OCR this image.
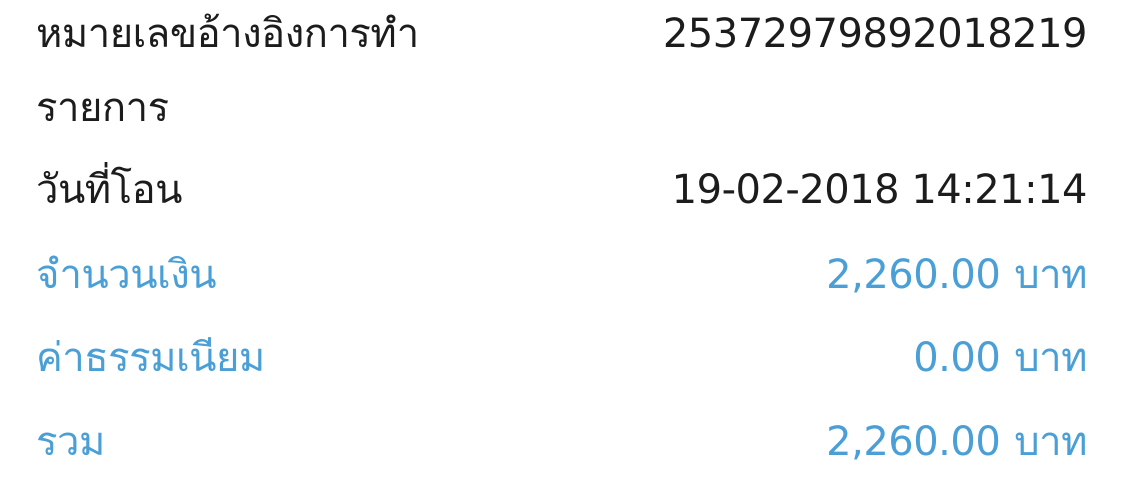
หมายเลขอ้างอิงการทำ	25372979892018219
รายการ
วันที่โอน	19-02-2018 14:21:14
จำนวนเงิน	2,260.00 บาท
ค่าธรรมเนียม	0.00 บาท
รวม	2,260.00 บาท
